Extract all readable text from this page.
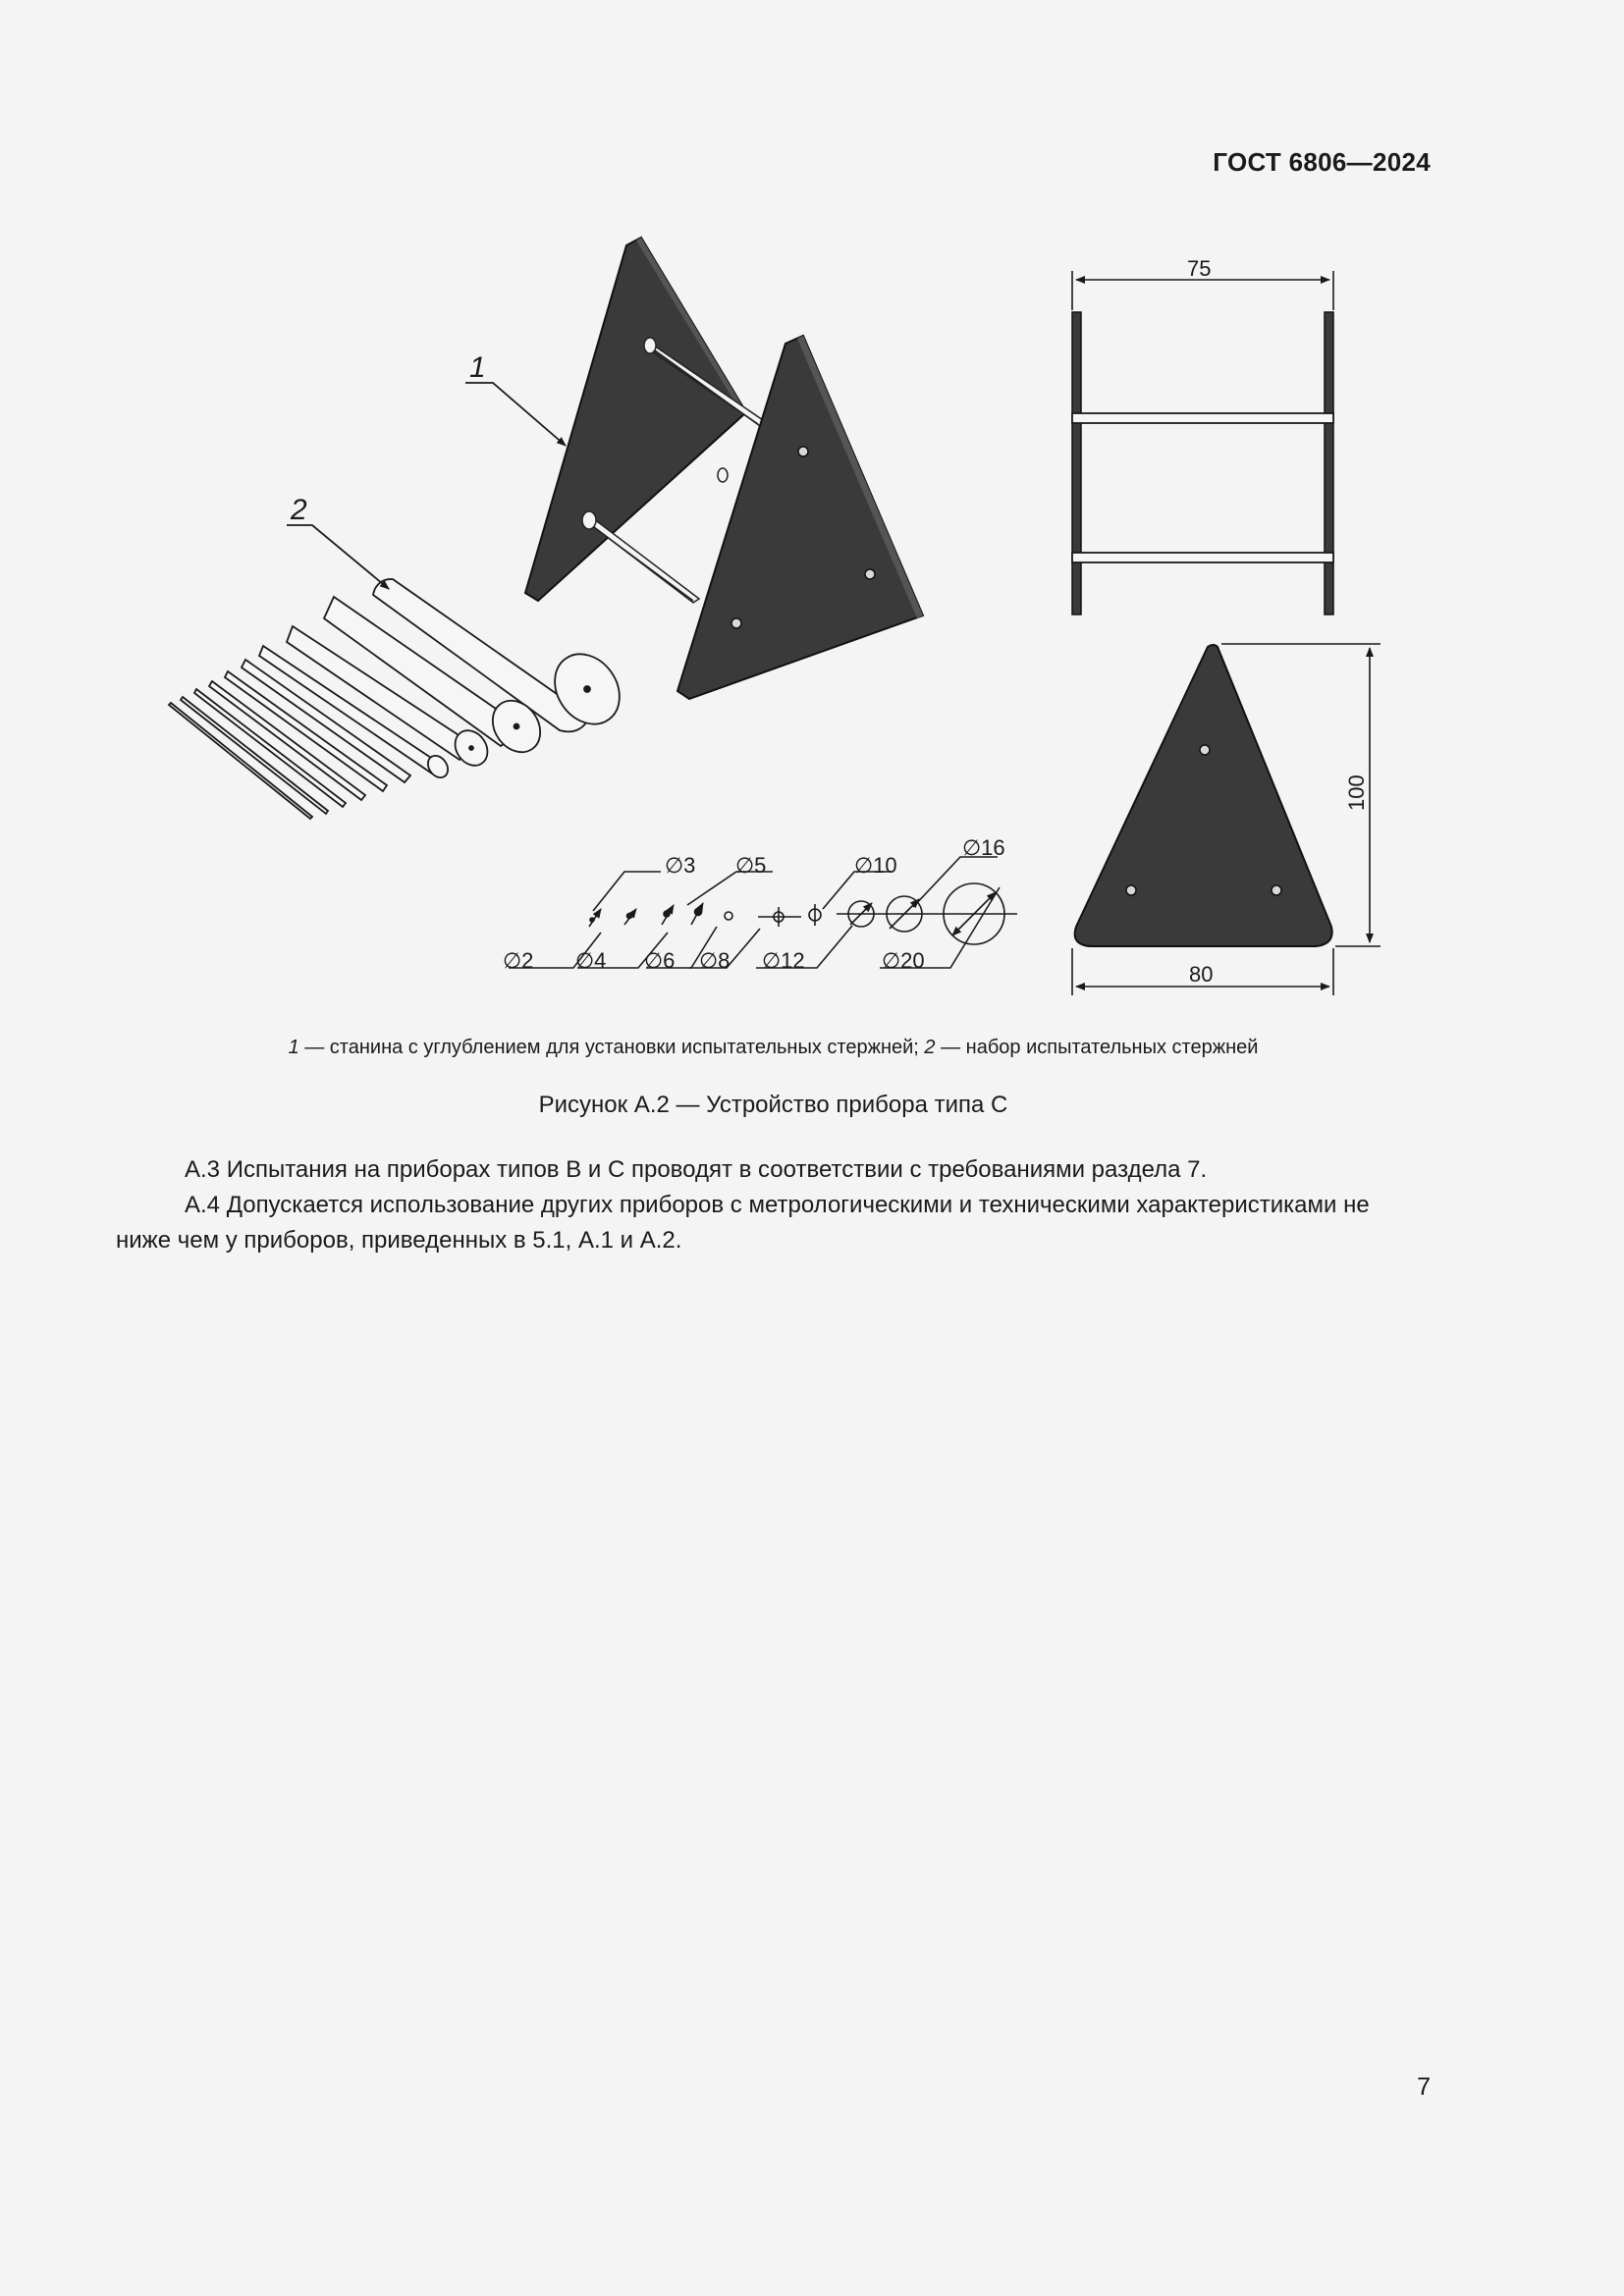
ГОСТ 6806—2024
1
2
∅3 ∅5	∅10
∅16
∅2 ∅4 ∅6 ∅8 ∅12	∅20
75
100
80
1 — станина с углублением для установки испытательных стержней; 2 — набор испытательных стержней
Рисунок А.2 — Устройство прибора типа С
А.3 Испытания на приборах типов В и С проводят в соответствии с требованиями раздела 7.
А.4 Допускается использование других приборов с метрологическими и техническими характеристиками не
ниже чем у приборов, приведенных в 5.1, А.1 и А.2.
7
